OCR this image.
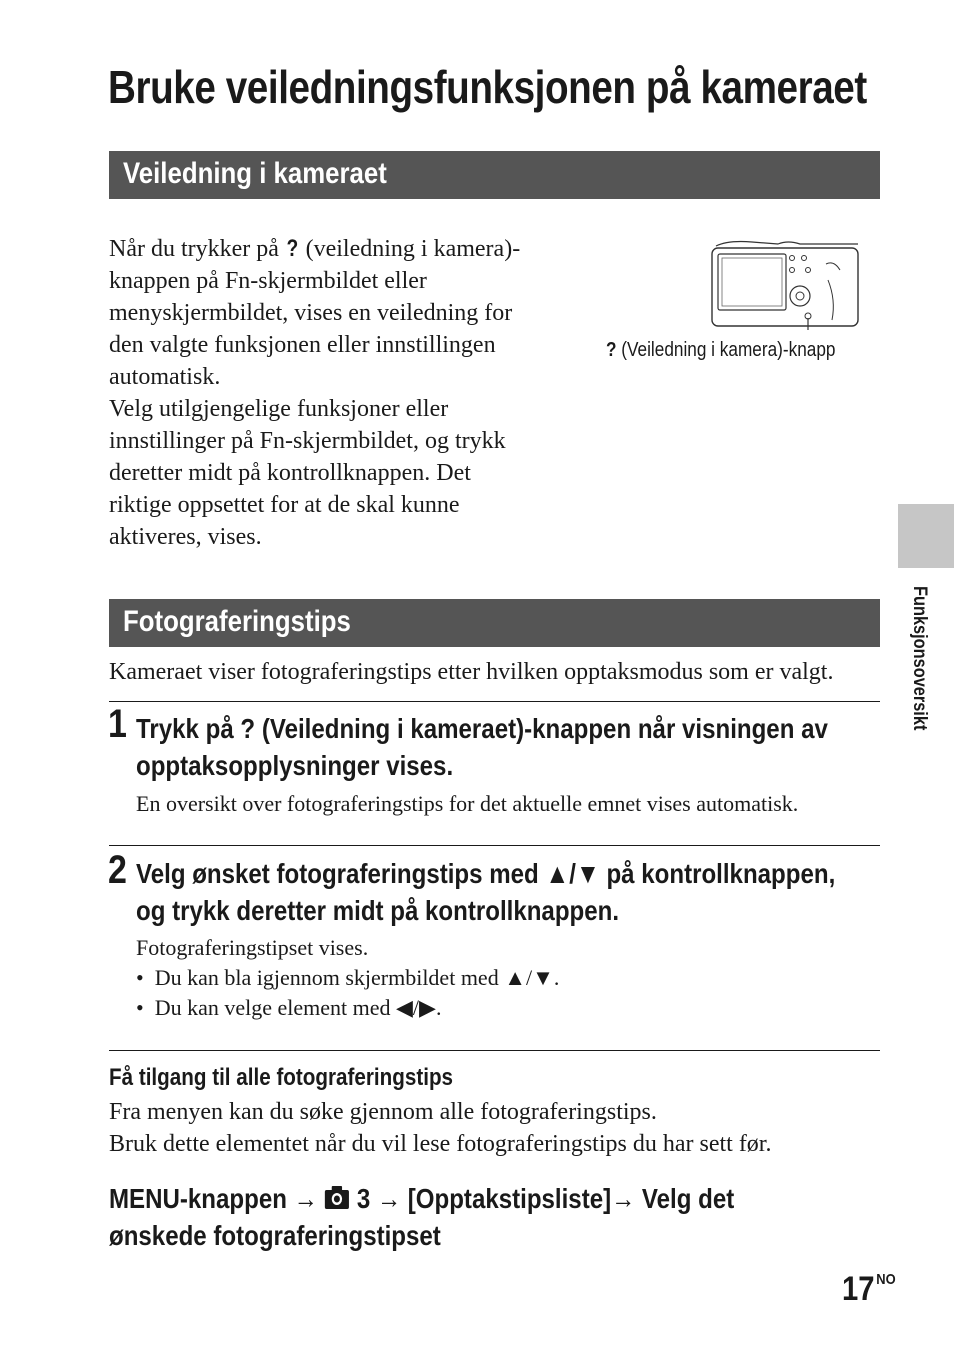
Bruke veiledningsfunksjonen på kameraet
Veiledning i kameraet

Når du trykker på ? (veiledning i kamera)-knappen på Fn-skjermbildet eller menyskjermbildet, vises en veiledning for den valgte funksjonen eller innstillingen automatisk.
Velg utilgjengelige funksjoner eller innstillinger på Fn-skjermbildet, og trykk deretter midt på kontrollknappen. Det riktige oppsettet for at de skal kunne aktiveres, vises.

? (Veiledning i kamera)-knapp
Fotograferingstips
Kameraet viser fotograferingstips etter hvilken opptaksmodus som er valgt.
1 Trykk på ? (Veiledning i kameraet)-knappen når visningen av
opptaksopplysninger vises.
En oversikt over fotograferingstips for det aktuelle emnet vises automatisk.
2 Velg ønsket fotograferingstips med ▲/▼ på kontrollknappen,
og trykk deretter midt på kontrollknappen.
Fotograferingstipset vises.
•  Du kan bla igjennom skjermbildet med ▲/▼.
•  Du kan velge element med ◀/▶.
Få tilgang til alle fotograferingstips
Fra menyen kan du søke gjennom alle fotograferingstips.
Bruk dette elementet når du vil lese fotograferingstips du har sett før.
MENU-knappen → 3 → [Opptakstipsliste]→ Velg det
ønskede fotograferingstipset
Funksjonsoversikt
17 $^{NO}$
